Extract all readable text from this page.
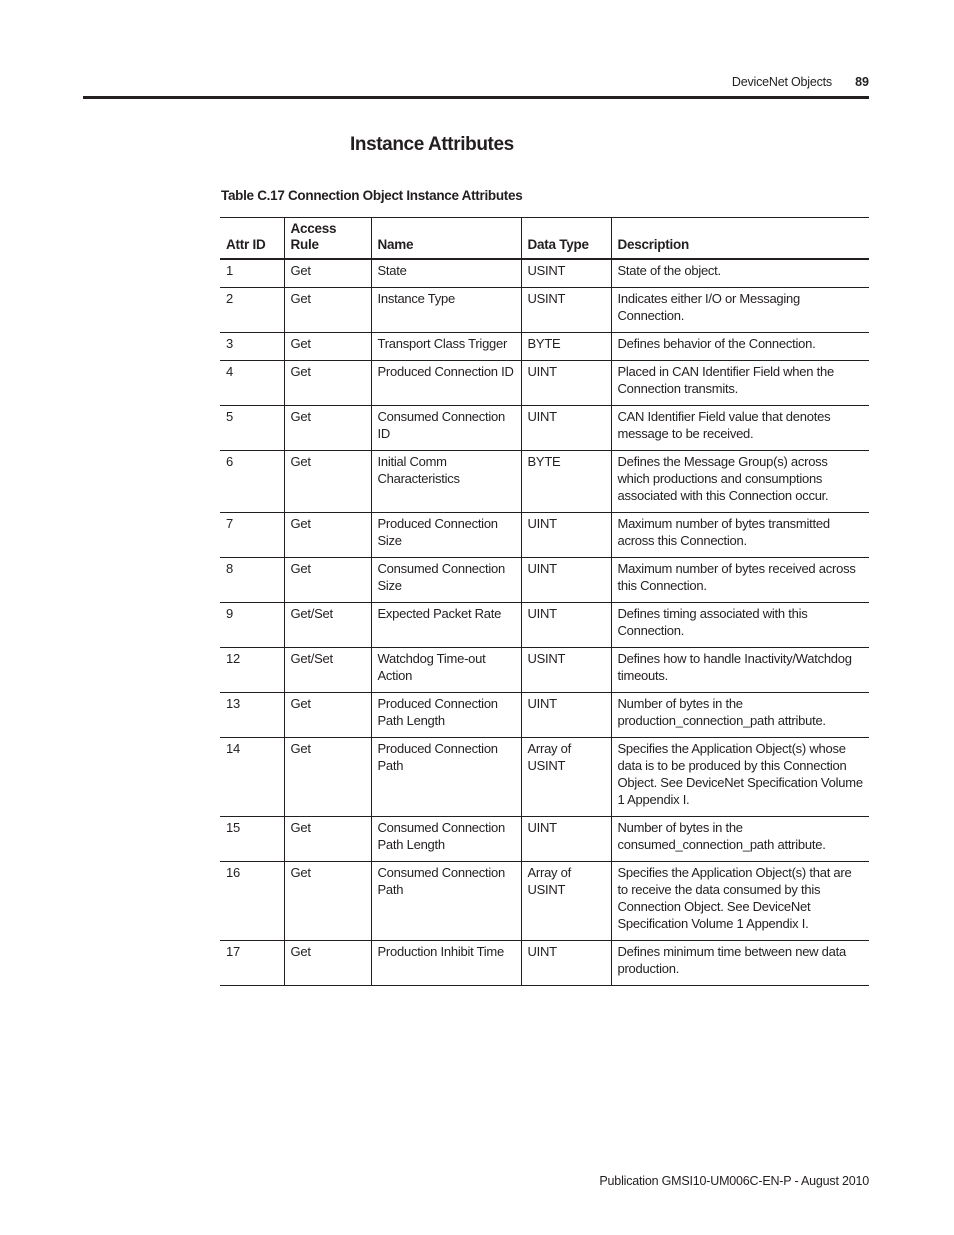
DeviceNet Objects 89
Instance Attributes
Table C.17 Connection Object Instance Attributes
Attr ID	Access Rule	Name	Data Type	Description
1	Get	State	USINT	State of the object.
2	Get	Instance Type	USINT	Indicates either I/O or Messaging Connection.
3	Get	Transport Class Trigger	BYTE	Defines behavior of the Connection.
4	Get	Produced Connection ID	UINT	Placed in CAN Identifier Field when the Connection transmits.
5	Get	Consumed Connection ID	UINT	CAN Identifier Field value that denotes message to be received.
6	Get	Initial Comm Characteristics	BYTE	Defines the Message Group(s) across which productions and consumptions associated with this Connection occur.
7	Get	Produced Connection Size	UINT	Maximum number of bytes transmitted across this Connection.
8	Get	Consumed Connection Size	UINT	Maximum number of bytes received across this Connection.
9	Get/Set	Expected Packet Rate	UINT	Defines timing associated with this Connection.
12	Get/Set	Watchdog Time-out Action	USINT	Defines how to handle Inactivity/Watchdog timeouts.
13	Get	Produced Connection Path Length	UINT	Number of bytes in the production_connection_path attribute.
14	Get	Produced Connection Path	Array of USINT	Specifies the Application Object(s) whose data is to be produced by this Connection Object. See DeviceNet Specification Volume 1 Appendix I.
15	Get	Consumed Connection Path Length	UINT	Number of bytes in the consumed_connection_path attribute.
16	Get	Consumed Connection Path	Array of USINT	Specifies the Application Object(s) that are to receive the data consumed by this Connection Object. See DeviceNet Specification Volume 1 Appendix I.
17	Get	Production Inhibit Time	UINT	Defines minimum time between new data production.
Publication GMSI10-UM006C-EN-P - August 2010
